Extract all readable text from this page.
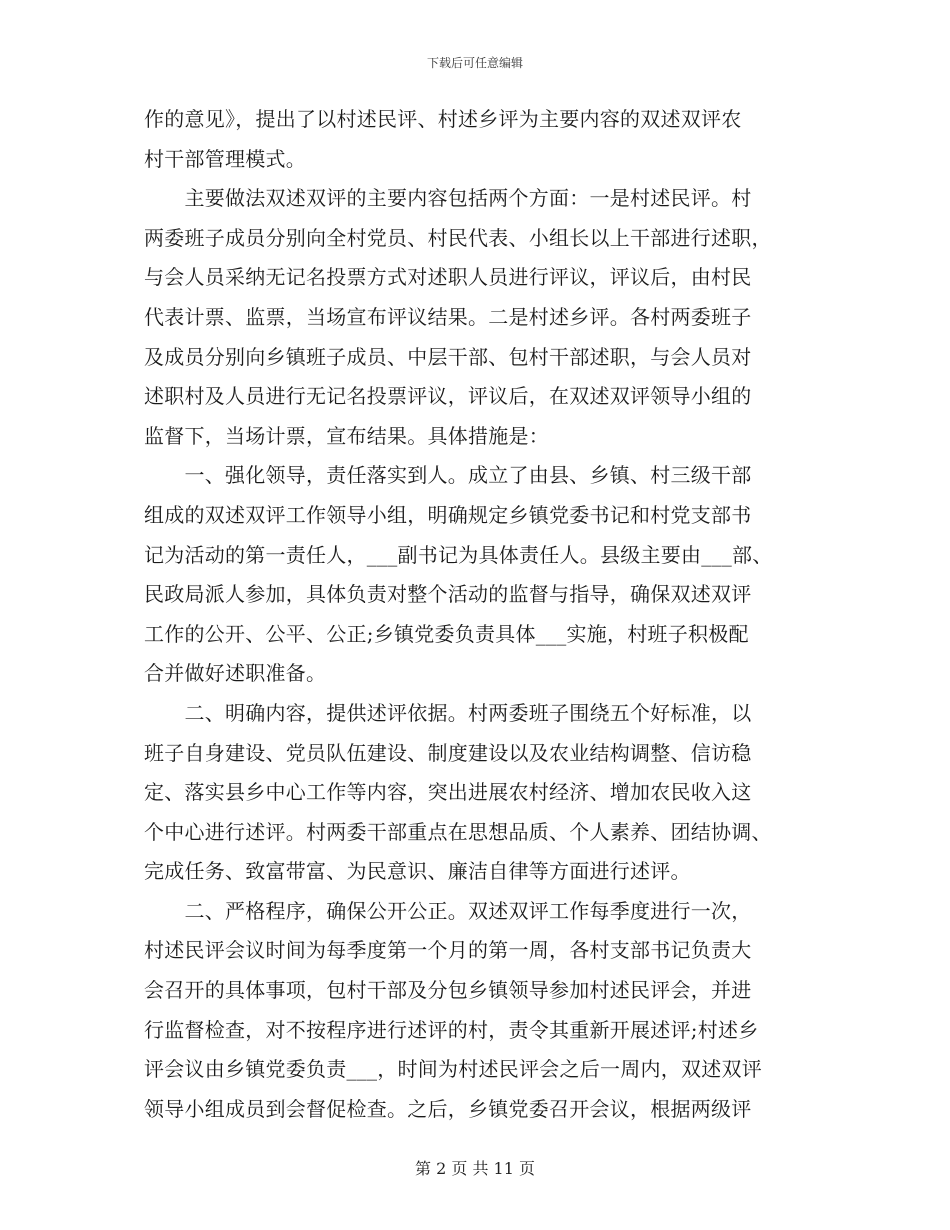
下载后可任意编辑
作的意见》，提出了以村述民评、村述乡评为主要内容的双述双评农
村干部管理模式。
　　主要做法双述双评的主要内容包括两个方面：一是村述民评。村
两委班子成员分别向全村党员、村民代表、小组长以上干部进行述职，
与会人员采纳无记名投票方式对述职人员进行评议，评议后，由村民
代表计票、监票，当场宣布评议结果。二是村述乡评。各村两委班子
及成员分别向乡镇班子成员、中层干部、包村干部述职，与会人员对
述职村及人员进行无记名投票评议，评议后，在双述双评领导小组的
监督下，当场计票，宣布结果。具体措施是：
　　一、强化领导，责任落实到人。成立了由县、乡镇、村三级干部
组成的双述双评工作领导小组，明确规定乡镇党委书记和村党支部书
记为活动的第一责任人，___副书记为具体责任人。县级主要由___部、
民政局派人参加，具体负责对整个活动的监督与指导，确保双述双评
工作的公开、公平、公正;乡镇党委负责具体___实施，村班子积极配
合并做好述职准备。
　　二、明确内容，提供述评依据。村两委班子围绕五个好标准，以
班子自身建设、党员队伍建设、制度建设以及农业结构调整、信访稳
定、落实县乡中心工作等内容，突出进展农村经济、增加农民收入这
个中心进行述评。村两委干部重点在思想品质、个人素养、团结协调、
完成任务、致富带富、为民意识、廉洁自律等方面进行述评。
　　二、严格程序，确保公开公正。双述双评工作每季度进行一次，
村述民评会议时间为每季度第一个月的第一周，各村支部书记负责大
会召开的具体事项，包村干部及分包乡镇领导参加村述民评会，并进
行监督检查，对不按程序进行述评的村，责令其重新开展述评;村述乡
评会议由乡镇党委负责___，时间为村述民评会之后一周内，双述双评
领导小组成员到会督促检查。之后，乡镇党委召开会议，根据两级评
第 2 页 共 11 页
